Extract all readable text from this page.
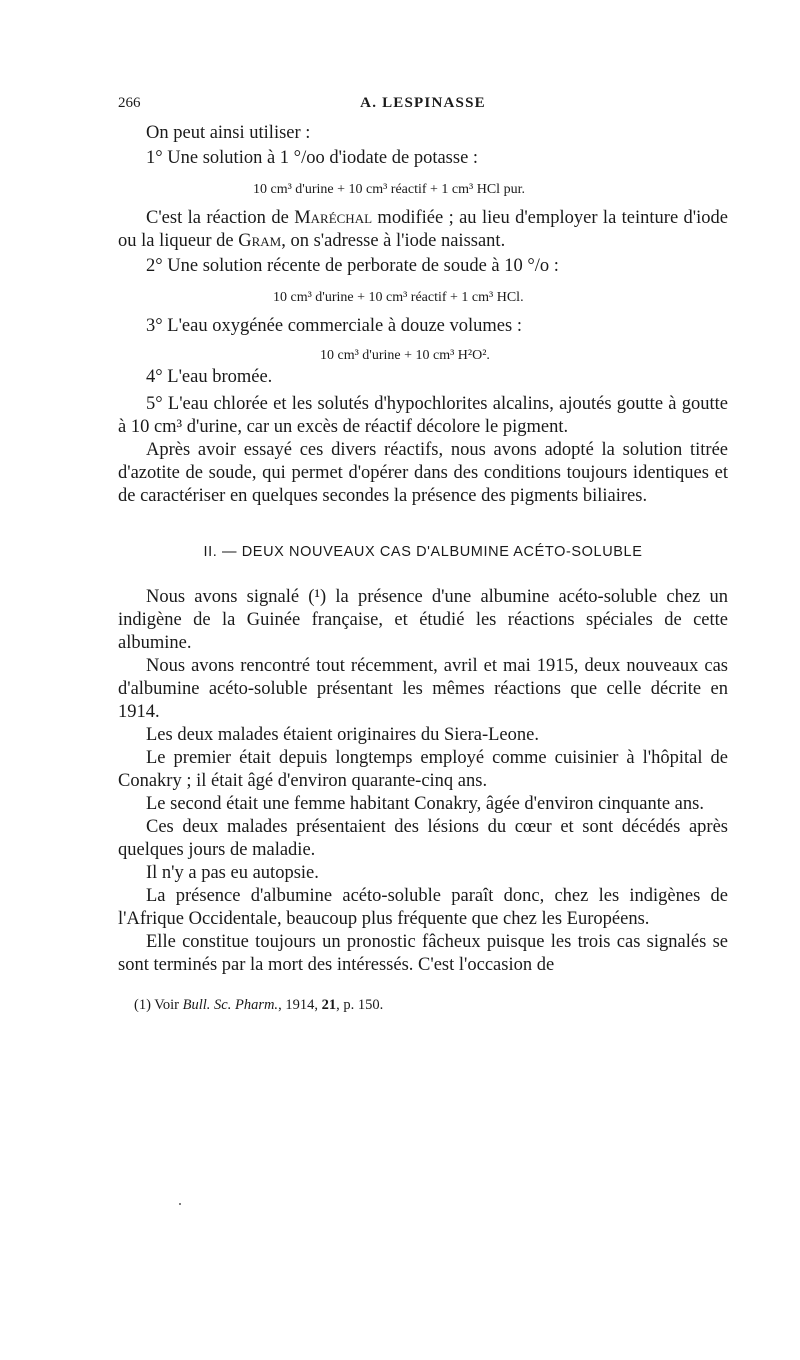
266	A. LESPINASSE

On peut ainsi utiliser :

1° Une solution à 1 °/oo d'iodate de potasse :

10 cm³ d'urine + 10 cm³ réactif + 1 cm³ HCl pur.

C'est la réaction de Maréchal modifiée ; au lieu d'employer la teinture d'iode ou la liqueur de Gram, on s'adresse à l'iode naissant.

2° Une solution récente de perborate de soude à 10 °/o :

10 cm³ d'urine + 10 cm³ réactif + 1 cm³ HCl.

3° L'eau oxygénée commerciale à douze volumes :

10 cm³ d'urine + 10 cm³ H²O².

4° L'eau bromée.

5° L'eau chlorée et les solutés d'hypochlorites alcalins, ajoutés goutte à goutte à 10 cm³ d'urine, car un excès de réactif décolore le pigment.

Après avoir essayé ces divers réactifs, nous avons adopté la solution titrée d'azotite de soude, qui permet d'opérer dans des conditions toujours identiques et de caractériser en quelques secondes la présence des pigments biliaires.

II. — DEUX NOUVEAUX CAS D'ALBUMINE ACÉTO-SOLUBLE

Nous avons signalé (¹) la présence d'une albumine acéto-soluble chez un indigène de la Guinée française, et étudié les réactions spéciales de cette albumine.

Nous avons rencontré tout récemment, avril et mai 1915, deux nouveaux cas d'albumine acéto-soluble présentant les mêmes réactions que celle décrite en 1914.

Les deux malades étaient originaires du Siera-Leone.

Le premier était depuis longtemps employé comme cuisinier à l'hôpital de Conakry ; il était âgé d'environ quarante-cinq ans.

Le second était une femme habitant Conakry, âgée d'environ cinquante ans.

Ces deux malades présentaient des lésions du cœur et sont décédés après quelques jours de maladie.

Il n'y a pas eu autopsie.

La présence d'albumine acéto-soluble paraît donc, chez les indigènes de l'Afrique Occidentale, beaucoup plus fréquente que chez les Européens.

Elle constitue toujours un pronostic fâcheux puisque les trois cas signalés se sont terminés par la mort des intéressés. C'est l'occasion de

(1) Voir Bull. Sc. Pharm., 1914, 21, p. 150.
